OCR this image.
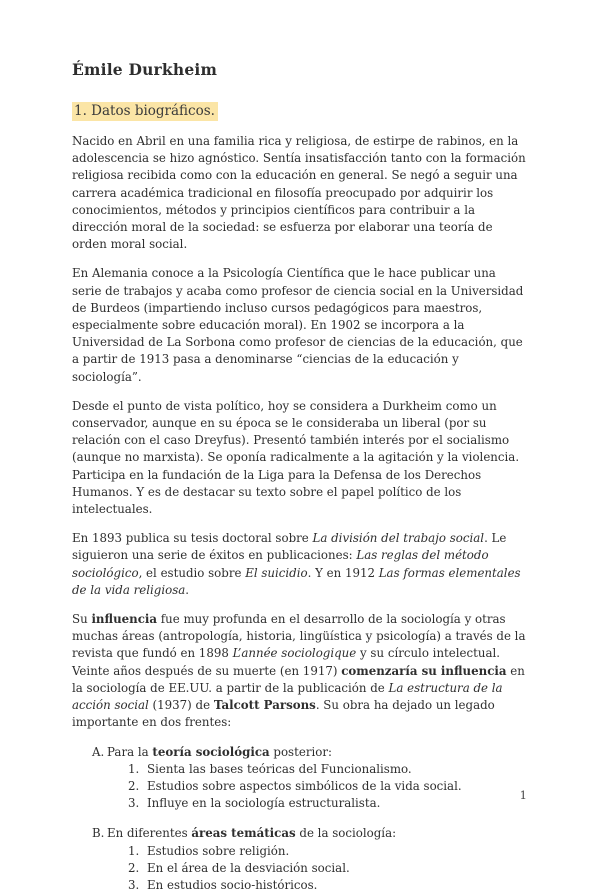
Émile Durkheim
1. Datos biográficos.

Nacido en Abril en una familia rica y religiosa, de estirpe de rabinos, en la adolescencia se hizo agnóstico. Sentía insatisfacción tanto con la formación religiosa recibida como con la educación en general. Se negó a seguir una carrera académica tradicional en filosofía preocupado por adquirir los conocimientos, métodos y principios científicos para contribuir a la dirección moral de la sociedad: se esfuerza por elaborar una teoría de orden moral social.

En Alemania conoce a la Psicología Científica que le hace publicar una serie de trabajos y acaba como profesor de ciencia social en la Universidad de Burdeos (impartiendo incluso cursos pedagógicos para maestros, especialmente sobre educación moral). En 1902 se incorpora a la Universidad de La Sorbona como profesor de ciencias de la educación, que a partir de 1913 pasa a denominarse “ciencias de la educación y sociología”.

Desde el punto de vista político, hoy se considera a Durkheim como un conservador, aunque en su época se le consideraba un liberal (por su relación con el caso Dreyfus). Presentó también interés por el socialismo (aunque no marxista). Se oponía radicalmente a la agitación y la violencia. Participa en la fundación de la Liga para la Defensa de los Derechos Humanos. Y es de destacar su texto sobre el papel político de los intelectuales.

En 1893 publica su tesis doctoral sobre La división del trabajo social. Le siguieron una serie de éxitos en publicaciones: Las reglas del método sociológico, el estudio sobre El suicidio. Y en 1912 Las formas elementales de la vida religiosa.

Su influencia fue muy profunda en el desarrollo de la sociología y otras muchas áreas (antropología, historia, lingüística y psicología) a través de la revista que fundó en 1898 L’année sociologique y su círculo intelectual. Veinte años después de su muerte (en 1917) comenzaría su influencia en la sociología de EE.UU. a partir de la publicación de La estructura de la acción social (1937) de Talcott Parsons. Su obra ha dejado un legado importante en dos frentes:

A. Para la teoría sociológica posterior:
1. Sienta las bases teóricas del Funcionalismo.
2. Estudios sobre aspectos simbólicos de la vida social.
3. Influye en la sociología estructuralista.
B. En diferentes áreas temáticas de la sociología:
1. Estudios sobre religión.
2. En el área de la desviación social.
3. En estudios socio-históricos.
1
